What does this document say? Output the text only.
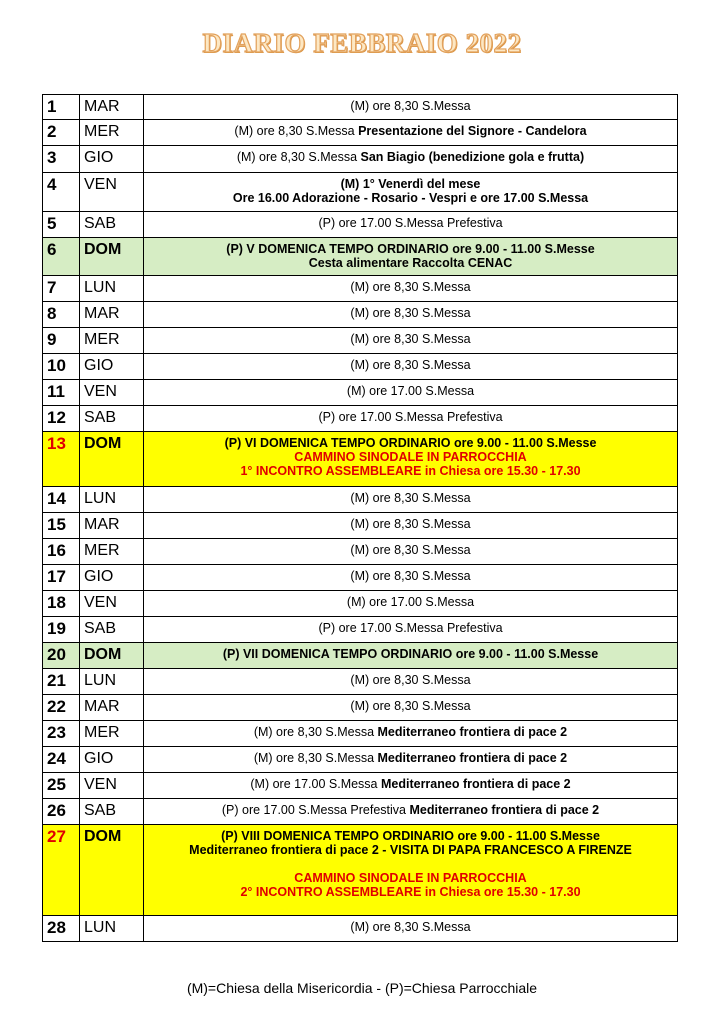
DIARIO FEBBRAIO 2022
1	MAR	(M) ore 8,30 S.Messa

2	MER	(M) ore 8,30 S.Messa Presentazione del Signore - Candelora

3	GIO	(M) ore 8,30 S.Messa San Biagio (benedizione gola e frutta)

4	VEN	(M) 1° Venerdì del mese
Ore 16.00 Adorazione - Rosario - Vespri e ore 17.00 S.Messa

5	SAB	(P) ore 17.00 S.Messa Prefestiva

6	DOM	(P) V DOMENICA TEMPO ORDINARIO ore 9.00 - 11.00 S.Messe
Cesta alimentare Raccolta CENAC

7	LUN	(M) ore 8,30 S.Messa

8	MAR	(M) ore 8,30 S.Messa

9	MER	(M) ore 8,30 S.Messa

10	GIO	(M) ore 8,30 S.Messa

11	VEN	(M) ore 17.00 S.Messa

12	SAB	(P) ore 17.00 S.Messa Prefestiva

13	DOM	(P) VI DOMENICA TEMPO ORDINARIO ore 9.00 - 11.00 S.Messe
CAMMINO SINODALE IN PARROCCHIA
1° INCONTRO ASSEMBLEARE in Chiesa ore 15.30 - 17.30

14	LUN	(M) ore 8,30 S.Messa

15	MAR	(M) ore 8,30 S.Messa

16	MER	(M) ore 8,30 S.Messa

17	GIO	(M) ore 8,30 S.Messa

18	VEN	(M) ore 17.00 S.Messa

19	SAB	(P) ore 17.00 S.Messa Prefestiva

20	DOM	(P) VII DOMENICA TEMPO ORDINARIO ore 9.00 - 11.00 S.Messe

21	LUN	(M) ore 8,30 S.Messa

22	MAR	(M) ore 8,30 S.Messa

23	MER	(M) ore 8,30 S.Messa Mediterraneo frontiera di pace 2

24	GIO	(M) ore 8,30 S.Messa Mediterraneo frontiera di pace 2

25	VEN	(M) ore 17.00 S.Messa Mediterraneo frontiera di pace 2

26	SAB	(P) ore 17.00 S.Messa Prefestiva Mediterraneo frontiera di pace 2

27	DOM	(P) VIII DOMENICA TEMPO ORDINARIO ore 9.00 - 11.00 S.Messe
Mediterraneo frontiera di pace 2 - VISITA DI PAPA FRANCESCO A FIRENZE

CAMMINO SINODALE IN PARROCCHIA
2° INCONTRO ASSEMBLEARE in Chiesa ore 15.30 - 17.30

28	LUN	(M) ore 8,30 S.Messa
(M)=Chiesa della Misericordia - (P)=Chiesa Parrocchiale
